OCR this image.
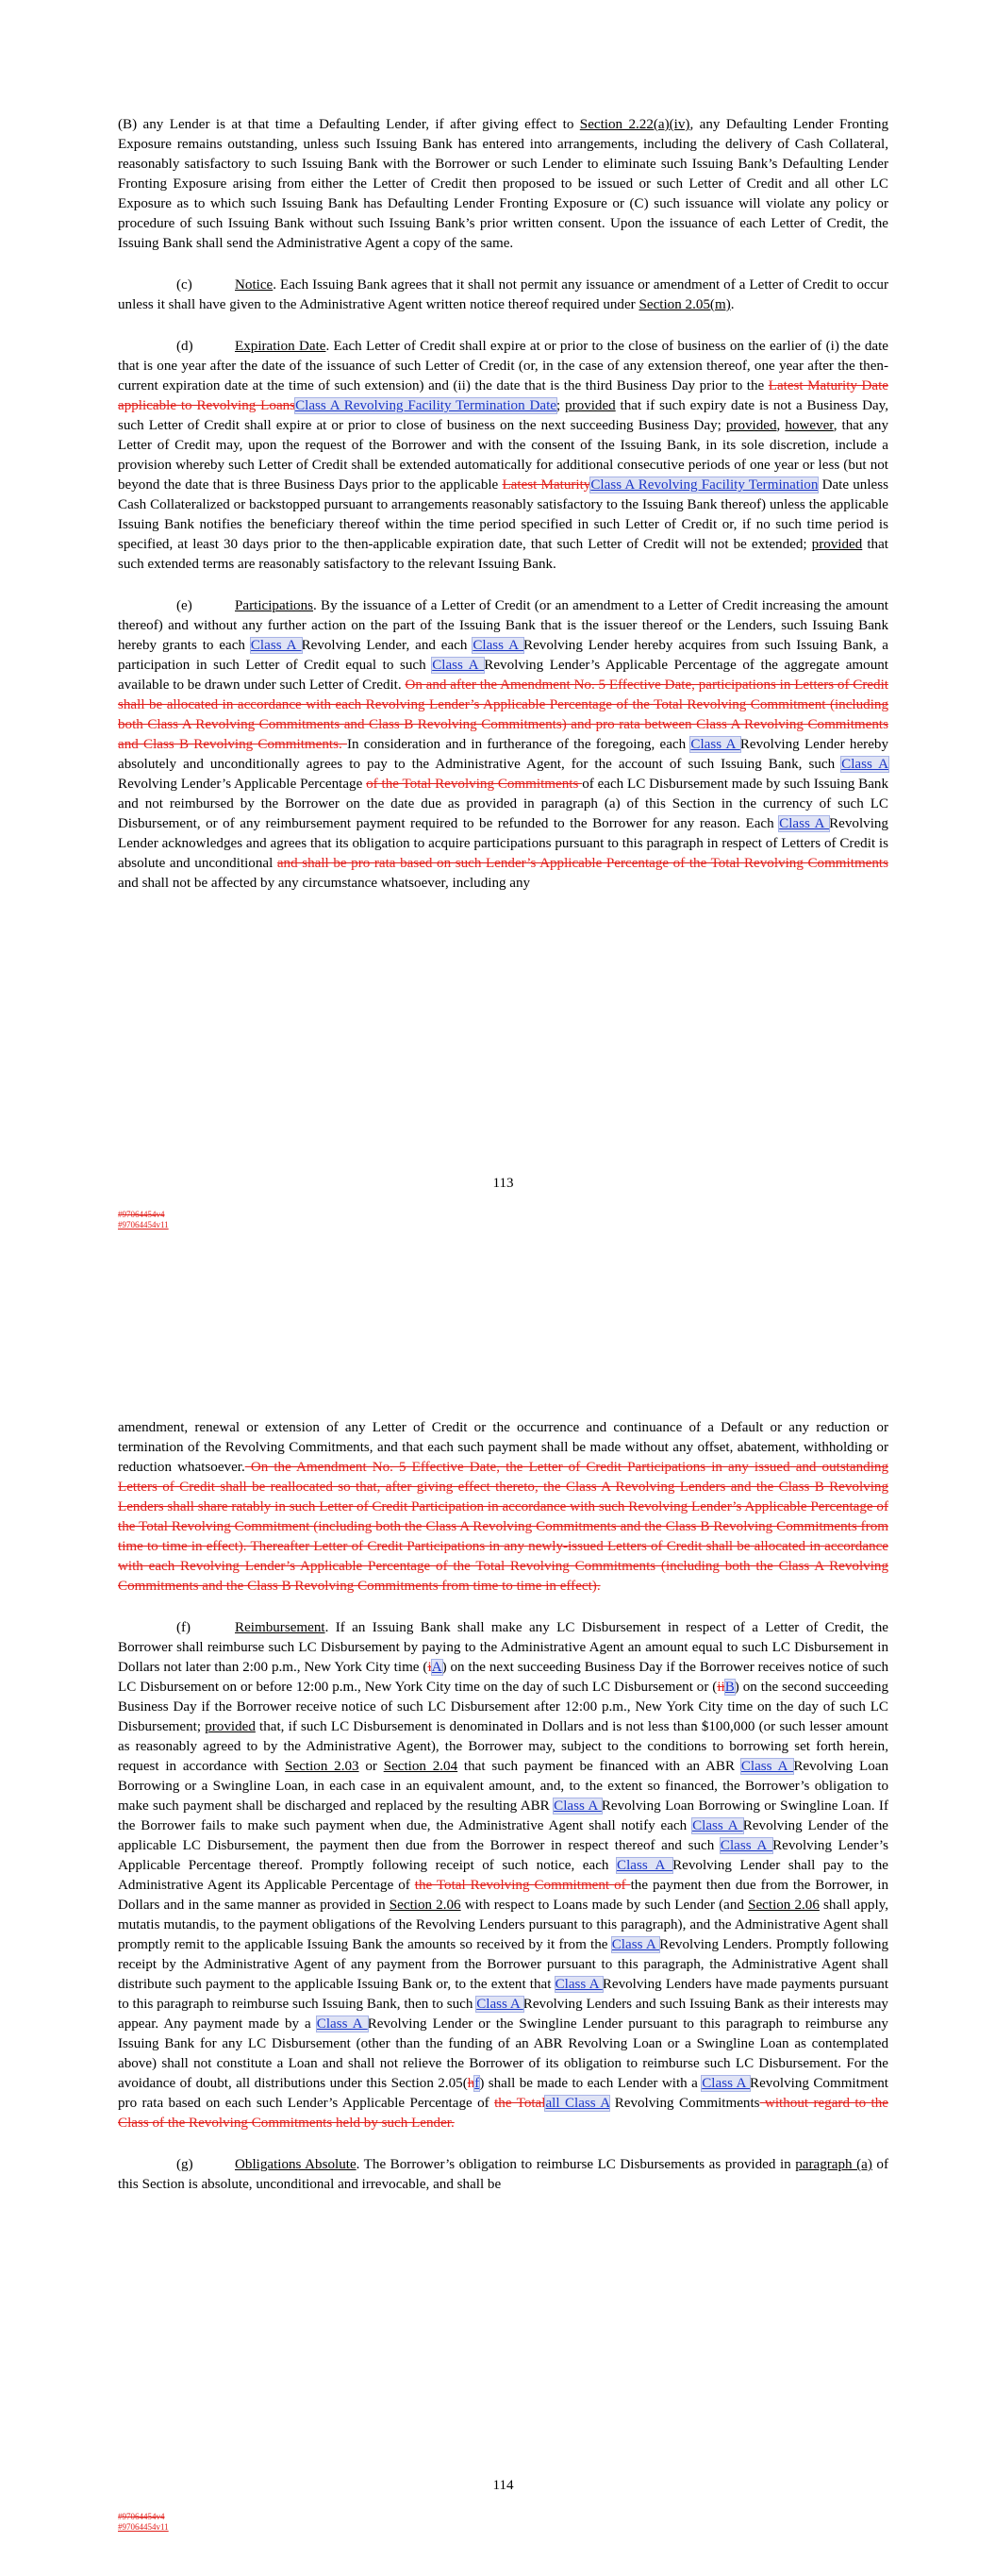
(B) any Lender is at that time a Defaulting Lender, if after giving effect to Section 2.22(a)(iv), any Defaulting Lender Fronting Exposure remains outstanding, unless such Issuing Bank has entered into arrangements, including the delivery of Cash Collateral, reasonably satisfactory to such Issuing Bank with the Borrower or such Lender to eliminate such Issuing Bank’s Defaulting Lender Fronting Exposure arising from either the Letter of Credit then proposed to be issued or such Letter of Credit and all other LC Exposure as to which such Issuing Bank has Defaulting Lender Fronting Exposure or (C) such issuance will violate any policy or procedure of such Issuing Bank without such Issuing Bank’s prior written consent. Upon the issuance of each Letter of Credit, the Issuing Bank shall send the Administrative Agent a copy of the same.

(c)	Notice. Each Issuing Bank agrees that it shall not permit any issuance or amendment of a Letter of Credit to occur unless it shall have given to the Administrative Agent written notice thereof required under Section 2.05(m).

(d)	Expiration Date. Each Letter of Credit shall expire at or prior to the close of business on the earlier of (i) the date that is one year after the date of the issuance of such Letter of Credit (or, in the case of any extension thereof, one year after the then-current expiration date at the time of such extension) and (ii) the date that is the third Business Day prior to the Latest Maturity Date applicable to Revolving LoansClass A Revolving Facility Termination Date; provided that if such expiry date is not a Business Day, such Letter of Credit shall expire at or prior to close of business on the next succeeding Business Day; provided, however, that any Letter of Credit may, upon the request of the Borrower and with the consent of the Issuing Bank, in its sole discretion, include a provision whereby such Letter of Credit shall be extended automatically for additional consecutive periods of one year or less (but not beyond the date that is three Business Days prior to the applicable Latest MaturityClass A Revolving Facility Termination Date unless Cash Collateralized or backstopped pursuant to arrangements reasonably satisfactory to the Issuing Bank thereof) unless the applicable Issuing Bank notifies the beneficiary thereof within the time period specified in such Letter of Credit or, if no such time period is specified, at least 30 days prior to the then-applicable expiration date, that such Letter of Credit will not be extended; provided that such extended terms are reasonably satisfactory to the relevant Issuing Bank.

(e)	Participations. By the issuance of a Letter of Credit (or an amendment to a Letter of Credit increasing the amount thereof) and without any further action on the part of the Issuing Bank that is the issuer thereof or the Lenders, such Issuing Bank hereby grants to each Class A Revolving Lender, and each Class A Revolving Lender hereby acquires from such Issuing Bank, a participation in such Letter of Credit equal to such Class A Revolving Lender’s Applicable Percentage of the aggregate amount available to be drawn under such Letter of Credit. On and after the Amendment No. 5 Effective Date, participations in Letters of Credit shall be allocated in accordance with each Revolving Lender’s Applicable Percentage of the Total Revolving Commitment (including both Class A Revolving Commitments and Class B Revolving Commitments) and pro rata between Class A Revolving Commitments and Class B Revolving Commitments. In consideration and in furtherance of the foregoing, each Class A Revolving Lender hereby absolutely and unconditionally agrees to pay to the Administrative Agent, for the account of such Issuing Bank, such Class A Revolving Lender’s Applicable Percentage of the Total Revolving Commitments of each LC Disbursement made by such Issuing Bank and not reimbursed by the Borrower on the date due as provided in paragraph (a) of this Section in the currency of such LC Disbursement, or of any reimbursement payment required to be refunded to the Borrower for any reason. Each Class A Revolving Lender acknowledges and agrees that its obligation to acquire participations pursuant to this paragraph in respect of Letters of Credit is absolute and unconditional and shall be pro rata based on such Lender’s Applicable Percentage of the Total Revolving Commitments and shall not be affected by any circumstance whatsoever, including any

113
#97064454v4
#97064454v11

amendment, renewal or extension of any Letter of Credit or the occurrence and continuance of a Default or any reduction or termination of the Revolving Commitments, and that each such payment shall be made without any offset, abatement, withholding or reduction whatsoever. On the Amendment No. 5 Effective Date, the Letter of Credit Participations in any issued and outstanding Letters of Credit shall be reallocated so that, after giving effect thereto, the Class A Revolving Lenders and the Class B Revolving Lenders shall share ratably in such Letter of Credit Participation in accordance with such Revolving Lender’s Applicable Percentage of the Total Revolving Commitment (including both the Class A Revolving Commitments and the Class B Revolving Commitments from time to time in effect). Thereafter Letter of Credit Participations in any newly-issued Letters of Credit shall be allocated in accordance with each Revolving Lender’s Applicable Percentage of the Total Revolving Commitments (including both the Class A Revolving Commitments and the Class B Revolving Commitments from time to time in effect).

(f)	Reimbursement. If an Issuing Bank shall make any LC Disbursement in respect of a Letter of Credit, the Borrower shall reimburse such LC Disbursement by paying to the Administrative Agent an amount equal to such LC Disbursement in Dollars not later than 2:00 p.m., New York City time (iA) on the next succeeding Business Day if the Borrower receives notice of such LC Disbursement on or before 12:00 p.m., New York City time on the day of such LC Disbursement or (iiB) on the second succeeding Business Day if the Borrower receive notice of such LC Disbursement after 12:00 p.m., New York City time on the day of such LC Disbursement; provided that, if such LC Disbursement is denominated in Dollars and is not less than $100,000 (or such lesser amount as reasonably agreed to by the Administrative Agent), the Borrower may, subject to the conditions to borrowing set forth herein, request in accordance with Section 2.03 or Section 2.04 that such payment be financed with an ABR Class A Revolving Loan Borrowing or a Swingline Loan, in each case in an equivalent amount, and, to the extent so financed, the Borrower’s obligation to make such payment shall be discharged and replaced by the resulting ABR Class A Revolving Loan Borrowing or Swingline Loan. If the Borrower fails to make such payment when due, the Administrative Agent shall notify each Class A Revolving Lender of the applicable LC Disbursement, the payment then due from the Borrower in respect thereof and such Class A Revolving Lender’s Applicable Percentage thereof. Promptly following receipt of such notice, each Class A Revolving Lender shall pay to the Administrative Agent its Applicable Percentage of the Total Revolving Commitment of the payment then due from the Borrower, in Dollars and in the same manner as provided in Section 2.06 with respect to Loans made by such Lender (and Section 2.06 shall apply, mutatis mutandis, to the payment obligations of the Revolving Lenders pursuant to this paragraph), and the Administrative Agent shall promptly remit to the applicable Issuing Bank the amounts so received by it from the Class A Revolving Lenders. Promptly following receipt by the Administrative Agent of any payment from the Borrower pursuant to this paragraph, the Administrative Agent shall distribute such payment to the applicable Issuing Bank or, to the extent that Class A Revolving Lenders have made payments pursuant to this paragraph to reimburse such Issuing Bank, then to such Class A Revolving Lenders and such Issuing Bank as their interests may appear. Any payment made by a Class A Revolving Lender or the Swingline Lender pursuant to this paragraph to reimburse any Issuing Bank for any LC Disbursement (other than the funding of an ABR Revolving Loan or a Swingline Loan as contemplated above) shall not constitute a Loan and shall not relieve the Borrower of its obligation to reimburse such LC Disbursement. For the avoidance of doubt, all distributions under this Section 2.05(hf) shall be made to each Lender with a Class A Revolving Commitment pro rata based on each such Lender’s Applicable Percentage of the Totalall Class A Revolving Commitments without regard to the Class of the Revolving Commitments held by such Lender.

(g)	Obligations Absolute. The Borrower’s obligation to reimburse LC Disbursements as provided in paragraph (a) of this Section is absolute, unconditional and irrevocable, and shall be

114
#97064454v4
#97064454v11
